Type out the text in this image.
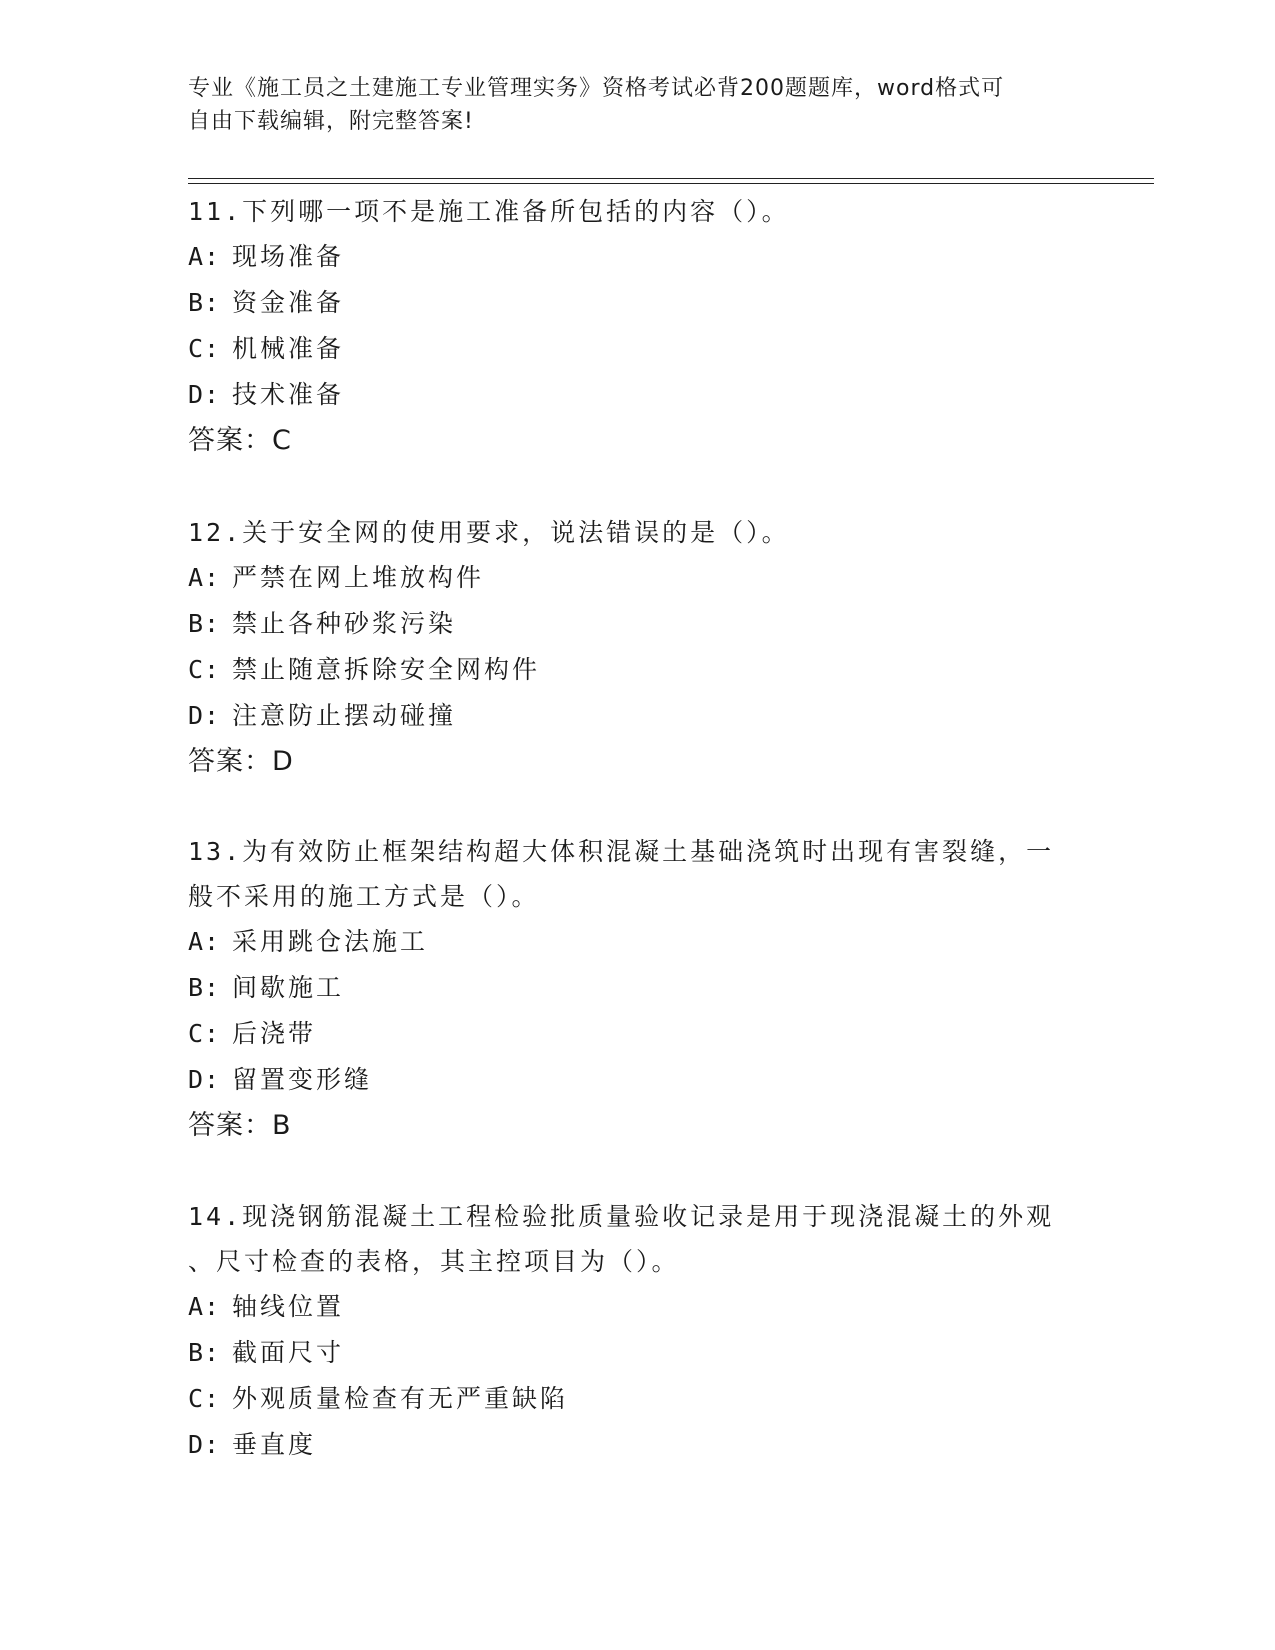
专业《施工员之土建施工专业管理实务》资格考试必背200题题库，word格式可
自由下载编辑，附完整答案!
11.下列哪一项不是施工准备所包括的内容（）。
A: 现场准备
B: 资金准备
C: 机械准备
D: 技术准备
答案：C
12.关于安全网的使用要求，说法错误的是（）。
A: 严禁在网上堆放构件
B: 禁止各种砂浆污染
C: 禁止随意拆除安全网构件
D: 注意防止摆动碰撞
答案：D
13.为有效防止框架结构超大体积混凝土基础浇筑时出现有害裂缝，一
般不采用的施工方式是（）。
A: 采用跳仓法施工
B: 间歇施工
C: 后浇带
D: 留置变形缝
答案：B
14.现浇钢筋混凝土工程检验批质量验收记录是用于现浇混凝土的外观
、尺寸检查的表格，其主控项目为（）。
A: 轴线位置
B: 截面尺寸
C: 外观质量检查有无严重缺陷
D: 垂直度
